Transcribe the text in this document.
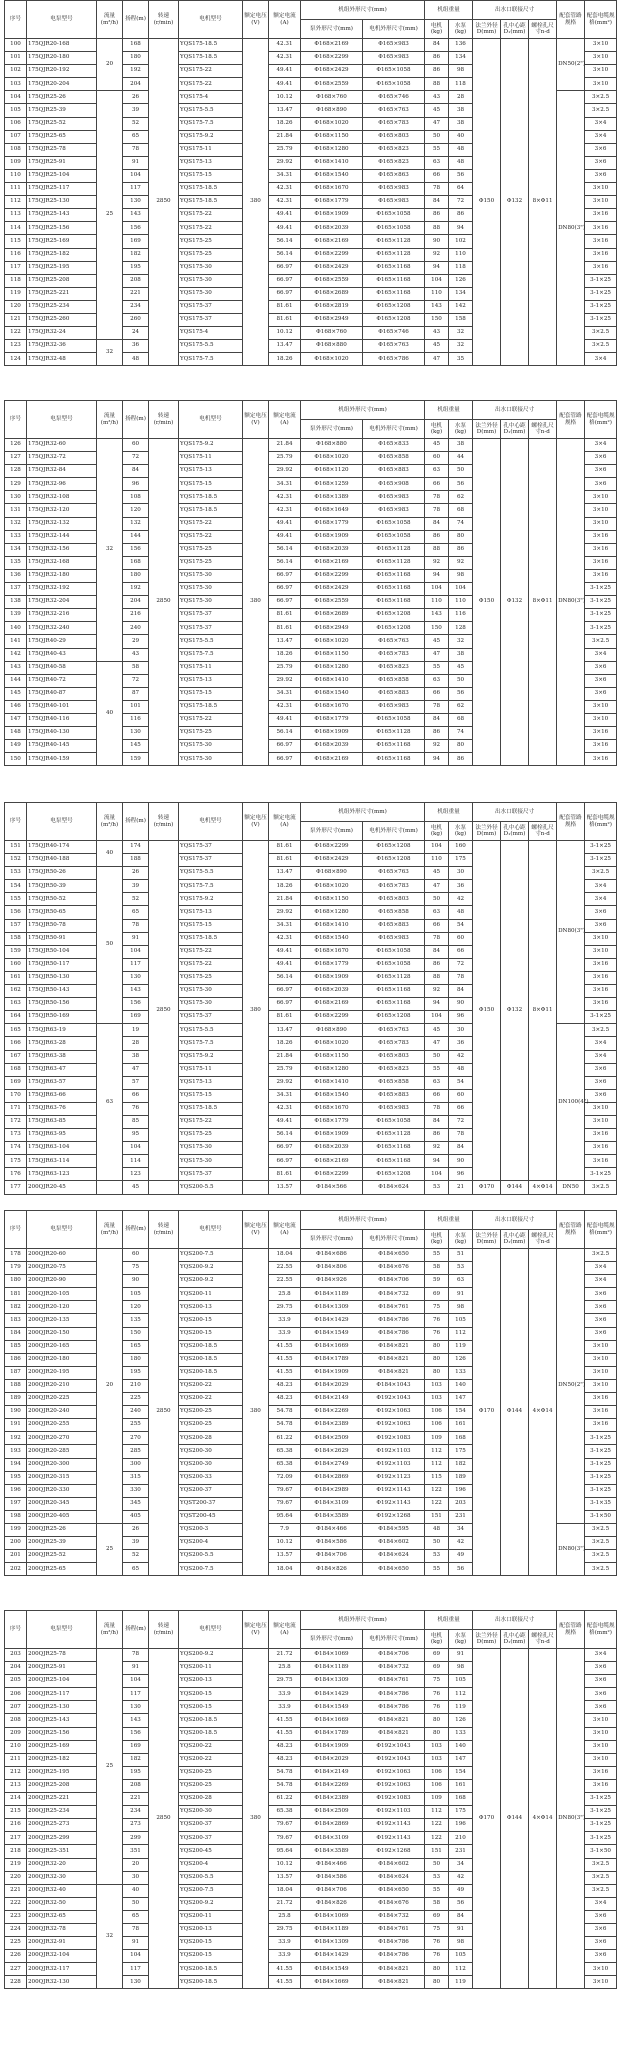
序号	电泵型号	流量(m³/h)	扬程(m)	转速(r/min)	电机型号	额定电压(V)	额定电流(A)	机组外形尺寸(mm)		机组重量		出水口联接尺寸			配套管路规格	配套电缆规格(mm²)
								泵外形尺寸(mm)	电机外形尺寸(mm)	电机(kg)	水泵(kg)	法兰外径D(mm)	孔中心距D₁(mm)	螺栓孔尺寸n-d		
100	175QJR20-168	20	168	2850	YQS175-18.5	380	42.31	Φ168×2169	Φ165×983	84	136	Φ150	Φ132	8×Φ11	DN50(2")	3×10
101	175QJR20-180		180		YQS175-18.5		42.31	Φ168×2299	Φ165×983	86	134					3×10
102	175QJR20-192		192		YQS175-22		49.41	Φ168×2429	Φ165×1058	86	98					3×10
103	175QJR20-204		204		YQS175-22		49.41	Φ168×2559	Φ165×1058	88	118					3×10
104	175QJR25-26	25	26		YQS175-4		10.12	Φ168×760	Φ165×746	43	28				DN80(3")	3×2.5
105	175QJR25-39		39		YQS175-5.5		13.47	Φ168×890	Φ165×763	45	38					3×2.5
106	175QJR25-52		52		YQS175-7.5		18.26	Φ168×1020	Φ165×783	47	38					3×4
107	175QJR25-65		65		YQS175-9.2		21.84	Φ168×1150	Φ165×803	50	40					3×4
108	175QJR25-78		78		YQS175-11		25.79	Φ168×1280	Φ165×823	55	48					3×6
109	175QJR25-91		91		YQS175-13		29.92	Φ168×1410	Φ165×823	63	48					3×6
110	175QJR25-104		104		YQS175-15		34.31	Φ168×1540	Φ165×863	66	56					3×6
111	175QJR25-117		117		YQS175-18.5		42.31	Φ168×1670	Φ165×983	78	64					3×10
112	175QJR25-130		130		YQS175-18.5		42.31	Φ168×1779	Φ165×983	84	72					3×10
113	175QJR25-143		143		YQS175-22		49.41	Φ168×1909	Φ165×1058	86	86					3×16
114	175QJR25-156		156		YQS175-22		49.41	Φ168×2039	Φ165×1058	88	94					3×16
115	175QJR25-169		169		YQS175-25		56.14	Φ168×2169	Φ165×1128	90	102					3×16
116	175QJR25-182		182		YQS175-25		56.14	Φ168×2299	Φ165×1128	92	110					3×16
117	175QJR25-195		195		YQS175-30		66.97	Φ168×2429	Φ165×1168	94	118					3×16
118	175QJR25-208		208		YQS175-30		66.97	Φ168×2559	Φ165×1168	104	126					3-1×25
119	175QJR25-221		221		YQS175-30		66.97	Φ168×2689	Φ165×1168	110	134					3-1×25
120	175QJR25-234		234		YQS175-37		81.61	Φ168×2819	Φ165×1208	143	142					3-1×25
121	175QJR25-260		260		YQS175-37		81.61	Φ168×2949	Φ165×1208	150	158					3-1×25
122	175QJR32-24		24		YQS175-4		10.12	Φ168×760	Φ165×746	43	32					3×2.5
123	175QJR32-36	32	36		YQS175-5.5		13.47	Φ168×880	Φ165×763	45	32					3×2.5
124	175QJR32-48		48		YQS175-7.5		18.26	Φ168×1020	Φ165×786	47	35					3×4
序号	电泵型号	流量(m³/h)	扬程(m)	转速(r/min)	电机型号	额定电压(V)	额定电流(A)	机组外形尺寸(mm)		机组重量		出水口联接尺寸			配套管路规格	配套电缆规格(mm²)
								泵外形尺寸(mm)	电机外形尺寸(mm)	电机(kg)	水泵(kg)	法兰外径D(mm)	孔中心距D₁(mm)	螺栓孔尺寸n-d		
126	175QJR32-60	32	60	2850	YQS175-9.2	380	21.84	Φ168×880	Φ165×833	45	38	Φ150	Φ132	8×Φ11	DN80(3")	3×4
127	175QJR32-72		72		YQS175-11		25.79	Φ168×1020	Φ165×858	60	44					3×6
128	175QJR32-84		84		YQS175-13		29.92	Φ168×1120	Φ165×883	63	50					3×6
129	175QJR32-96		96		YQS175-15		34.31	Φ168×1259	Φ165×908	66	56					3×6
130	175QJR32-108		108		YQS175-18.5		42.31	Φ168×1389	Φ165×983	78	62					3×10
131	175QJR32-120		120		YQS175-18.5		42.31	Φ168×1649	Φ165×983	78	68					3×10
132	175QJR32-132		132		YQS175-22		49.41	Φ168×1779	Φ165×1058	84	74					3×10
133	175QJR32-144		144		YQS175-22		49.41	Φ168×1909	Φ165×1058	86	80					3×16
134	175QJR32-156		156		YQS175-25		56.14	Φ168×2039	Φ165×1128	88	86					3×16
135	175QJR32-168		168		YQS175-25		56.14	Φ168×2169	Φ165×1128	92	92					3×16
136	175QJR32-180		180		YQS175-30		66.97	Φ168×2299	Φ165×1168	94	98					3×16
137	175QJR32-192		192		YQS175-30		66.97	Φ168×2429	Φ165×1168	104	104					3-1×25
138	175QJR32-204		204		YQS175-30		66.97	Φ168×2559	Φ165×1168	110	110					3-1×25
139	175QJR32-216		216		YQS175-37		81.61	Φ168×2689	Φ165×1208	143	116					3-1×25
140	175QJR32-240		240		YQS175-37		81.61	Φ168×2949	Φ165×1208	150	128					3-1×25
141	175QJR40-29		29		YQS175-5.5		13.47	Φ168×1020	Φ165×763	45	32					3×2.5
142	175QJR40-43		43		YQS175-7.5		18.26	Φ168×1150	Φ165×783	47	38					3×4
143	175QJR40-58	40	58		YQS175-11		25.79	Φ168×1280	Φ165×823	55	45					3×6
144	175QJR40-72		72		YQS175-13		29.92	Φ168×1410	Φ165×858	63	50					3×6
145	175QJR40-87		87		YQS175-15		34.31	Φ168×1540	Φ165×883	66	56					3×6
146	175QJR40-101		101		YQS175-18.5		42.31	Φ168×1670	Φ165×983	78	62					3×10
147	175QJR40-116		116		YQS175-22		49.41	Φ168×1779	Φ165×1058	84	68					3×10
148	175QJR40-130		130		YQS175-25		56.14	Φ168×1909	Φ165×1128	86	74					3×16
149	175QJR40-145		145		YQS175-30		66.97	Φ168×2039	Φ165×1168	92	80					3×16
150	175QJR40-159		159		YQS175-30		66.97	Φ168×2169	Φ165×1168	94	86					3×16
序号	电泵型号	流量(m³/h)	扬程(m)	转速(r/min)	电机型号	额定电压(V)	额定电流(A)	机组外形尺寸(mm)		机组重量		出水口联接尺寸			配套管路规格	配套电缆规格(mm²)
								泵外形尺寸(mm)	电机外形尺寸(mm)	电机(kg)	水泵(kg)	法兰外径D(mm)	孔中心距D₁(mm)	螺栓孔尺寸n-d		
151	175QJR40-174	40	174	2850	YQS175-37	380	81.61	Φ168×2299	Φ165×1208	104	160	Φ150	Φ132	8×Φ11	DN80(3")	3-1×25
152	175QJR40-188		188		YQS175-37		81.61	Φ168×2429	Φ165×1208	110	175					3-1×25
153	175QJR50-26	50	26		YQS175-5.5		13.47	Φ168×890	Φ165×763	45	30					3×2.5
154	175QJR50-39		39		YQS175-7.5		18.26	Φ168×1020	Φ165×783	47	36					3×4
155	175QJR50-52		52		YQS175-9.2		21.84	Φ168×1150	Φ165×803	50	42					3×4
156	175QJR50-65		65		YQS175-13		29.92	Φ168×1280	Φ165×858	63	48					3×6
157	175QJR50-78		78		YQS175-15		34.31	Φ168×1410	Φ165×883	66	54					3×6
158	175QJR50-91		91		YQS175-18.5		42.31	Φ168×1540	Φ165×983	78	60					3×10
159	175QJR50-104		104		YQS175-22		49.41	Φ168×1670	Φ165×1058	84	66					3×10
160	175QJR50-117		117		YQS175-22		49.41	Φ168×1779	Φ165×1058	86	72					3×16
161	175QJR50-130		130		YQS175-25		56.14	Φ168×1909	Φ165×1128	88	78					3×16
162	175QJR50-143		143		YQS175-30		66.97	Φ168×2039	Φ165×1168	92	84					3×16
163	175QJR50-156		156		YQS175-30		66.97	Φ168×2169	Φ165×1168	94	90					3×16
164	175QJR50-169		169		YQS175-37		81.61	Φ168×2299	Φ165×1208	104	96					3-1×25
165	175QJR63-19	63	19		YQS175-5.5		13.47	Φ168×890	Φ165×763	45	30				DN100(4")	3×2.5
166	175QJR63-28		28		YQS175-7.5		18.26	Φ168×1020	Φ165×783	47	36					3×4
167	175QJR63-38		38		YQS175-9.2		21.84	Φ168×1150	Φ165×803	50	42					3×4
168	175QJR63-47		47		YQS175-11		25.79	Φ168×1280	Φ165×823	55	48					3×6
169	175QJR63-57		57		YQS175-13		29.92	Φ168×1410	Φ165×858	63	54					3×6
170	175QJR63-66		66		YQS175-15		34.31	Φ168×1540	Φ165×883	66	60					3×6
171	175QJR63-76		76		YQS175-18.5		42.31	Φ168×1670	Φ165×983	78	66					3×10
172	175QJR63-85		85		YQS175-22		49.41	Φ168×1779	Φ165×1058	84	72					3×10
173	175QJR63-95		95		YQS175-25		56.14	Φ168×1909	Φ165×1128	86	78					3×16
174	175QJR63-104		104		YQS175-30		66.97	Φ168×2039	Φ165×1168	92	84					3×16
175	175QJR63-114		114		YQS175-30		66.97	Φ168×2169	Φ165×1168	94	90					3×16
176	175QJR63-123		123		YQS175-37		81.61	Φ168×2299	Φ165×1208	104	96					3-1×25
177	200QJR20-45		45		YQS200-5.5		13.57	Φ184×566	Φ184×624	53	21	Φ170	Φ144	4×Φ14	DN50	3×2.5
序号	电泵型号	流量(m³/h)	扬程(m)	转速(r/min)	电机型号	额定电压(V)	额定电流(A)	机组外形尺寸(mm)		机组重量		出水口联接尺寸			配套管路规格	配套电缆规格(mm²)
								泵外形尺寸(mm)	电机外形尺寸(mm)	电机(kg)	水泵(kg)	法兰外径D(mm)	孔中心距D₁(mm)	螺栓孔尺寸n-d		
178	200QJR20-60	20	60	2850	YQS200-7.5	380	18.04	Φ184×686	Φ184×650	55	51	Φ170	Φ144	4×Φ14	DN50(2")	3×2.5
179	200QJR20-75		75		YQS200-9.2		22.55	Φ184×806	Φ184×676	58	53					3×4
180	200QJR20-90		90		YQS200-9.2		22.55	Φ184×926	Φ184×706	59	63					3×4
181	200QJR20-105		105		YQS200-11		25.8	Φ184×1189	Φ184×732	69	91					3×6
182	200QJR20-120		120		YQS200-13		29.75	Φ184×1309	Φ184×761	75	98					3×6
183	200QJR20-135		135		YQS200-15		33.9	Φ184×1429	Φ184×786	76	105					3×6
184	200QJR20-150		150		YQS200-15		33.9	Φ184×1549	Φ184×786	76	112					3×6
185	200QJR20-165		165		YQS200-18.5		41.55	Φ184×1669	Φ184×821	80	119					3×10
186	200QJR20-180		180		YQS200-18.5		41.55	Φ184×1789	Φ184×821	80	126					3×10
187	200QJR20-195		195		YQS200-18.5		41.55	Φ184×1909	Φ184×821	80	133					3×10
188	200QJR20-210		210		YQS200-22		48.23	Φ184×2029	Φ184×1043	103	140					3×10
189	200QJR20-225		225		YQS200-22		48.23	Φ184×2149	Φ192×1043	103	147					3×16
190	200QJR20-240		240		YQS200-25		54.78	Φ184×2269	Φ192×1063	106	154					3×16
191	200QJR20-255		255		YQS200-25		54.78	Φ184×2389	Φ192×1063	106	161					3×16
192	200QJR20-270		270		YQS200-28		61.22	Φ184×2509	Φ192×1083	109	168					3-1×25
193	200QJR20-285		285		YQS200-30		65.38	Φ184×2629	Φ192×1103	112	175					3-1×25
194	200QJR20-300		300		YQS200-30		65.38	Φ184×2749	Φ192×1103	112	182					3-1×25
195	200QJR20-315		315		YQS200-33		72.09	Φ184×2869	Φ192×1123	115	189					3-1×25
196	200QJR20-330		330		YQS200-37		79.67	Φ184×2989	Φ192×1143	122	196					3-1×25
197	200QJR20-345		345		YQST200-37		79.67	Φ184×3109	Φ192×1143	122	203					3-1×35
198	200QJR20-405		405		YQST200-45		95.64	Φ184×3589	Φ192×1268	151	231					3-1×50
199	200QJR25-26	25	26		YQS200-3		7.9	Φ184×466	Φ184×595	48	34				DN80(3")	3×2.5
200	200QJR25-39		39		YQS200-4		10.12	Φ184×586	Φ184×602	50	42					3×2.5
201	200QJR25-52		52		YQS200-5.5		13.57	Φ184×706	Φ184×624	53	49					3×2.5
202	200QJR25-65		65		YQS200-7.5		18.04	Φ184×826	Φ184×650	55	56					3×2.5
序号	电泵型号	流量(m³/h)	扬程(m)	转速(r/min)	电机型号	额定电压(V)	额定电流(A)	机组外形尺寸(mm)		机组重量		出水口联接尺寸			配套管路规格	配套电缆规格(mm²)
								泵外形尺寸(mm)	电机外形尺寸(mm)	电机(kg)	水泵(kg)	法兰外径D(mm)	孔中心距D₁(mm)	螺栓孔尺寸n-d		
203	200QJR25-78	25	78	2850	YQS200-9.2	380	21.72	Φ184×1069	Φ184×706	69	91	Φ170	Φ144	4×Φ14	DN80(3")	3×4
204	200QJR25-91		91		YQS200-11		25.8	Φ184×1189	Φ184×732	69	98					3×6
205	200QJR25-104		104		YQS200-13		29.75	Φ184×1309	Φ184×761	75	105					3×6
206	200QJR25-117		117		YQS200-15		33.9	Φ184×1429	Φ184×786	76	112					3×6
207	200QJR25-130		130		YQS200-15		33.9	Φ184×1549	Φ184×786	76	119					3×6
208	200QJR25-143		143		YQS200-18.5		41.55	Φ184×1669	Φ184×821	80	126					3×10
209	200QJR25-156		156		YQS200-18.5		41.55	Φ184×1789	Φ184×821	80	133					3×10
210	200QJR25-169		169		YQS200-22		48.23	Φ184×1909	Φ192×1043	103	140					3×10
211	200QJR25-182		182		YQS200-22		48.23	Φ184×2029	Φ192×1043	103	147					3×10
212	200QJR25-195		195		YQS200-25		54.78	Φ184×2149	Φ192×1063	106	154					3×16
213	200QJR25-208		208		YQS200-25		54.78	Φ184×2269	Φ192×1063	106	161					3×16
214	200QJR25-221		221		YQS200-28		61.22	Φ184×2389	Φ192×1083	109	168					3-1×25
215	200QJR25-234		234		YQS200-30		65.38	Φ184×2509	Φ192×1103	112	175					3-1×25
216	200QJR25-273		273		YQS200-37		79.67	Φ184×2869	Φ192×1143	122	196					3-1×25
217	200QJR25-299		299		YQS200-37		79.67	Φ184×3109	Φ192×1143	122	210					3-1×25
218	200QJR25-351		351		YQS200-45		95.64	Φ184×3589	Φ192×1268	151	231					3-1×50
219	200QJR32-20		20		YQS200-4		10.12	Φ184×466	Φ184×602	50	34					3×2.5
220	200QJR32-30		30		YQS200-5.5		13.57	Φ184×586	Φ184×624	53	42					3×2.5
221	200QJR32-40	32	40		YQS200-7.5		18.04	Φ184×706	Φ184×650	55	49					3×2.5
222	200QJR32-50		50		YQS200-9.2		21.72	Φ184×826	Φ184×676	58	56					3×4
223	200QJR32-65		65		YQS200-11		25.8	Φ184×1069	Φ184×732	69	84					3×6
224	200QJR32-78		78		YQS200-13		29.75	Φ184×1189	Φ184×761	75	91					3×6
225	200QJR32-91		91		YQS200-15		33.9	Φ184×1309	Φ184×786	76	98					3×6
226	200QJR32-104		104		YQS200-15		33.9	Φ184×1429	Φ184×786	76	105					3×6
227	200QJR32-117		117		YQS200-18.5		41.55	Φ184×1549	Φ184×821	80	112					3×10
228	200QJR32-130		130		YQS200-18.5		41.55	Φ184×1669	Φ184×821	80	119					3×10
